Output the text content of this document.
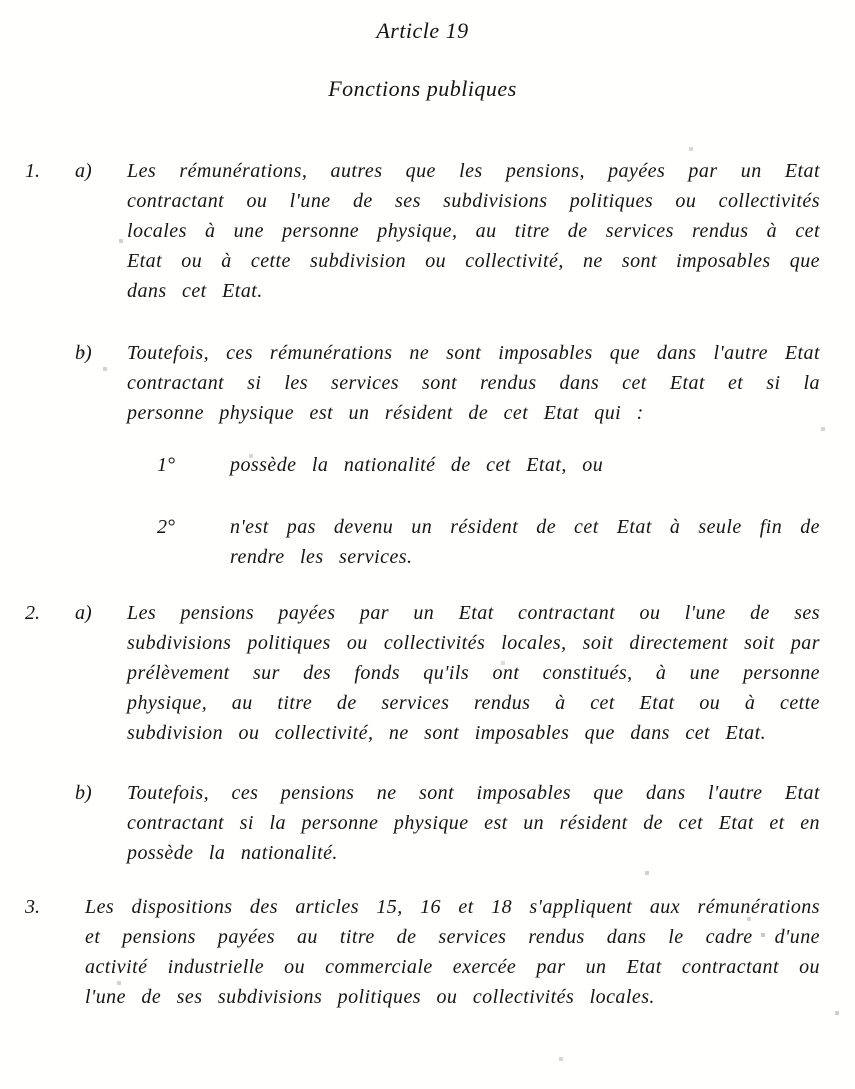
Article 19
Fonctions publiques
1.	a)	Les rémunérations, autres que les pensions, payées par un Etat contractant ou l'une de ses subdivisions politiques ou collectivités locales à une personne physique, au titre de services rendus à cet Etat ou à cette subdivision ou collectivité, ne sont imposables que dans cet Etat.
b)	Toutefois, ces rémunérations ne sont imposables que dans l'autre Etat contractant si les services sont rendus dans cet Etat et si la personne physique est un résident de cet Etat qui :
1°	possède la nationalité de cet Etat, ou
2°	n'est pas devenu un résident de cet Etat à seule fin de rendre les services.
2.	a)	Les pensions payées par un Etat contractant ou l'une de ses subdivisions politiques ou collectivités locales, soit directement soit par prélèvement sur des fonds qu'ils ont constitués, à une personne physique, au titre de services rendus à cet Etat ou à cette subdivision ou collectivité, ne sont imposables que dans cet Etat.
b)	Toutefois, ces pensions ne sont imposables que dans l'autre Etat contractant si la personne physique est un résident de cet Etat et en possède la nationalité.
3.	Les dispositions des articles 15, 16 et 18 s'appliquent aux rémunérations et pensions payées au titre de services rendus dans le cadre d'une activité industrielle ou commerciale exercée par un Etat contractant ou l'une de ses subdivisions politiques ou collectivités locales.
